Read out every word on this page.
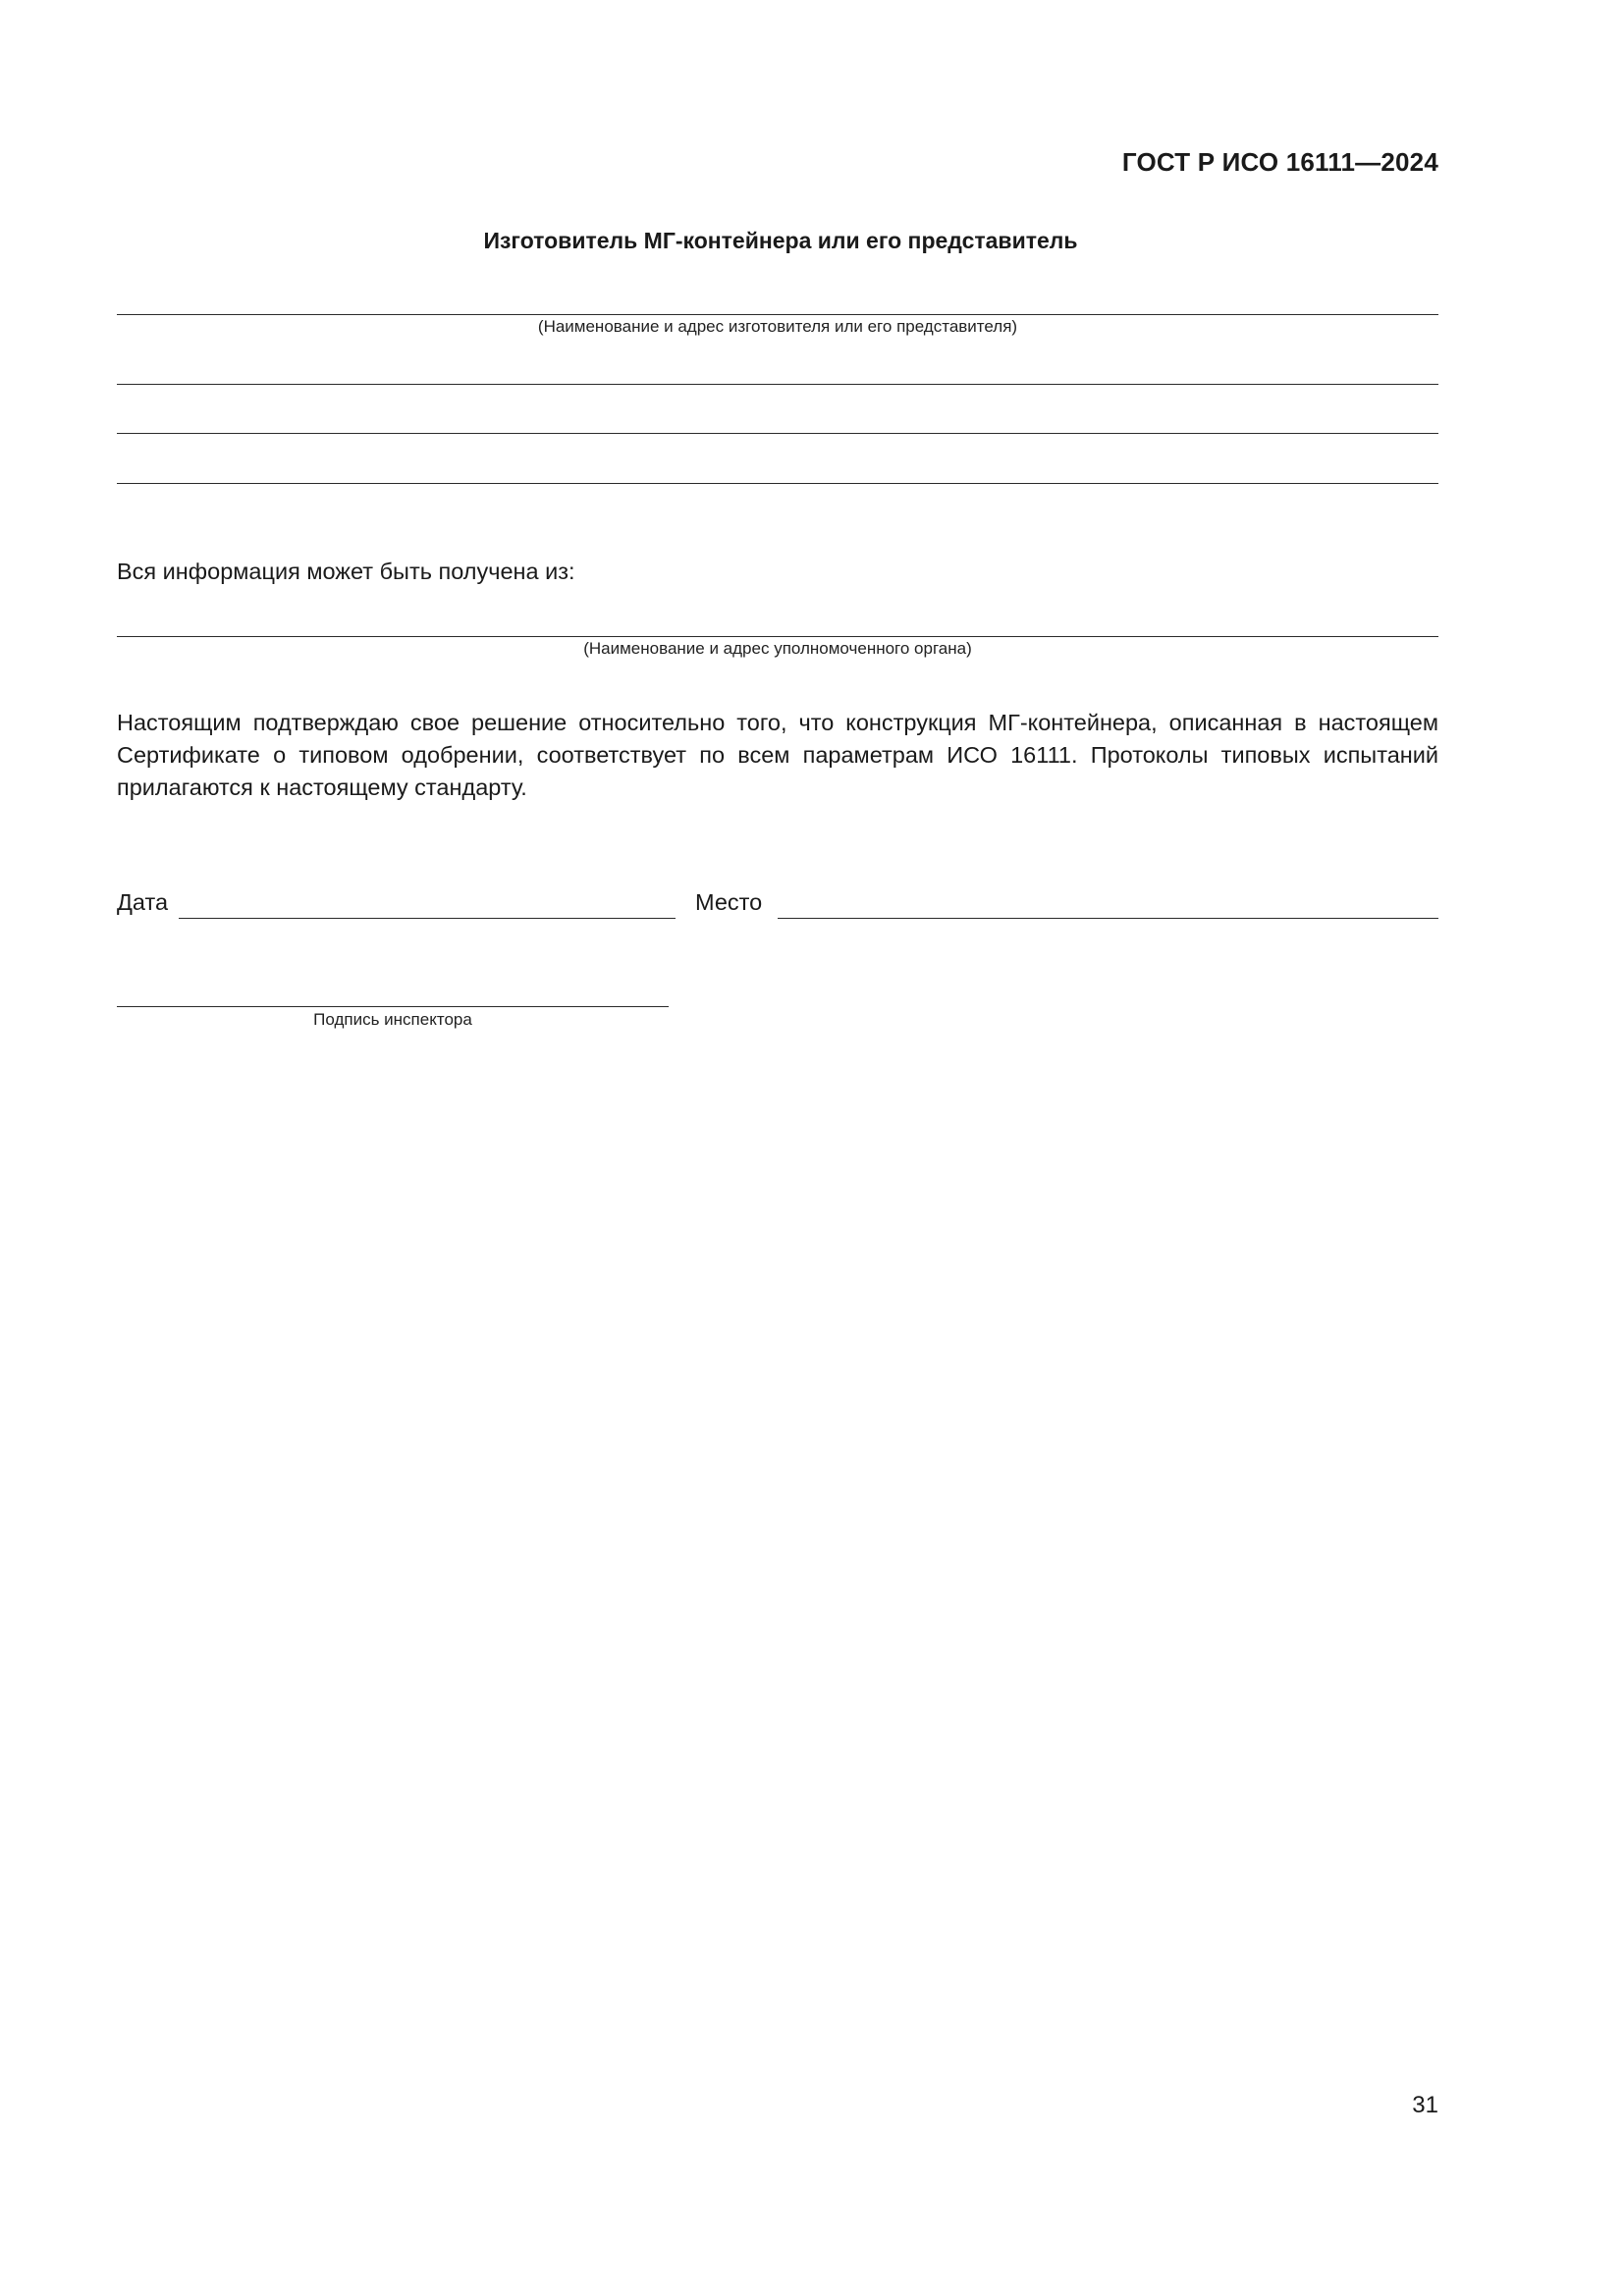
ГОСТ Р ИСО 16111—2024
Изготовитель МГ-контейнера или его представитель
(Наименование и адрес изготовителя или его представителя)
Вся информация может быть получена из:
(Наименование и адрес уполномоченного органа)
Настоящим подтверждаю свое решение относительно того, что конструкция МГ-контейнера, описанная в настоящем Сертификате о типовом одобрении, соответствует по всем параметрам ИСО 16111. Протоколы типовых испытаний прилагаются к настоящему стандарту.
Дата	Место
Подпись инспектора
31
